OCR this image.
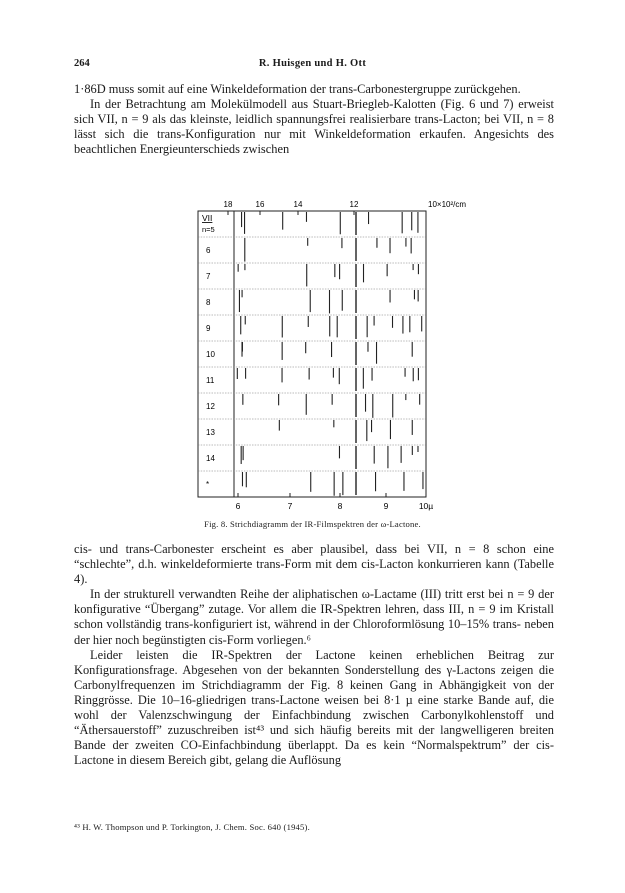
264	R. Huisgen und H. Ott

1·86D muss somit auf eine Winkeldeformation der trans-Carbonestergruppe zurückgehen.

In der Betrachtung am Molekülmodell aus Stuart-Briegleb-Kalotten (Fig. 6 und 7) erweist sich VII, n = 9 als das kleinste, leidlich spannungsfrei realisierbare trans-Lacton; bei VII, n = 8 lässt sich die trans-Konfiguration nur mit Winkeldeformation erkaufen. Angesichts des beachtlichen Energieunterschieds zwischen

18	16	14	12	10×10²/cm
VII
n=5
6
7
8
9
10
11
12
13
14
*
6	7	8	9	10µ
Fig. 8. Strichdiagramm der IR-Filmspektren der ω-Lactone.

cis- und trans-Carbonester erscheint es aber plausibel, dass bei VII, n = 8 schon eine “schlechte”, d.h. winkeldeformierte trans-Form mit dem cis-Lacton konkurrieren kann (Tabelle 4).

In der strukturell verwandten Reihe der aliphatischen ω-Lactame (III) tritt erst bei n = 9 der konfigurative “Übergang” zutage. Vor allem die IR-Spektren lehren, dass III, n = 9 im Kristall schon vollständig trans-konfiguriert ist, während in der Chloroformlösung 10–15% trans- neben der hier noch begünstigten cis-Form vorliegen.⁶

Leider leisten die IR-Spektren der Lactone keinen erheblichen Beitrag zur Konfigurationsfrage. Abgesehen von der bekannten Sonderstellung des γ-Lactons zeigen die Carbonylfrequenzen im Strichdiagramm der Fig. 8 keinen Gang in Abhängigkeit von der Ringgrösse. Die 10–16-gliedrigen trans-Lactone weisen bei 8·1 µ eine starke Bande auf, die wohl der Valenzschwingung der Einfachbindung zwischen Carbonylkohlenstoff und “Äthersauerstoff” zuzuschreiben ist⁴³ und sich häufig bereits mit der langwelligeren breiten Bande der zweiten CO-Einfachbindung überlappt. Da es kein “Normalspektrum” der cis-Lactone in diesem Bereich gibt, gelang die Auflösung

⁴³ H. W. Thompson und P. Torkington, J. Chem. Soc. 640 (1945).
